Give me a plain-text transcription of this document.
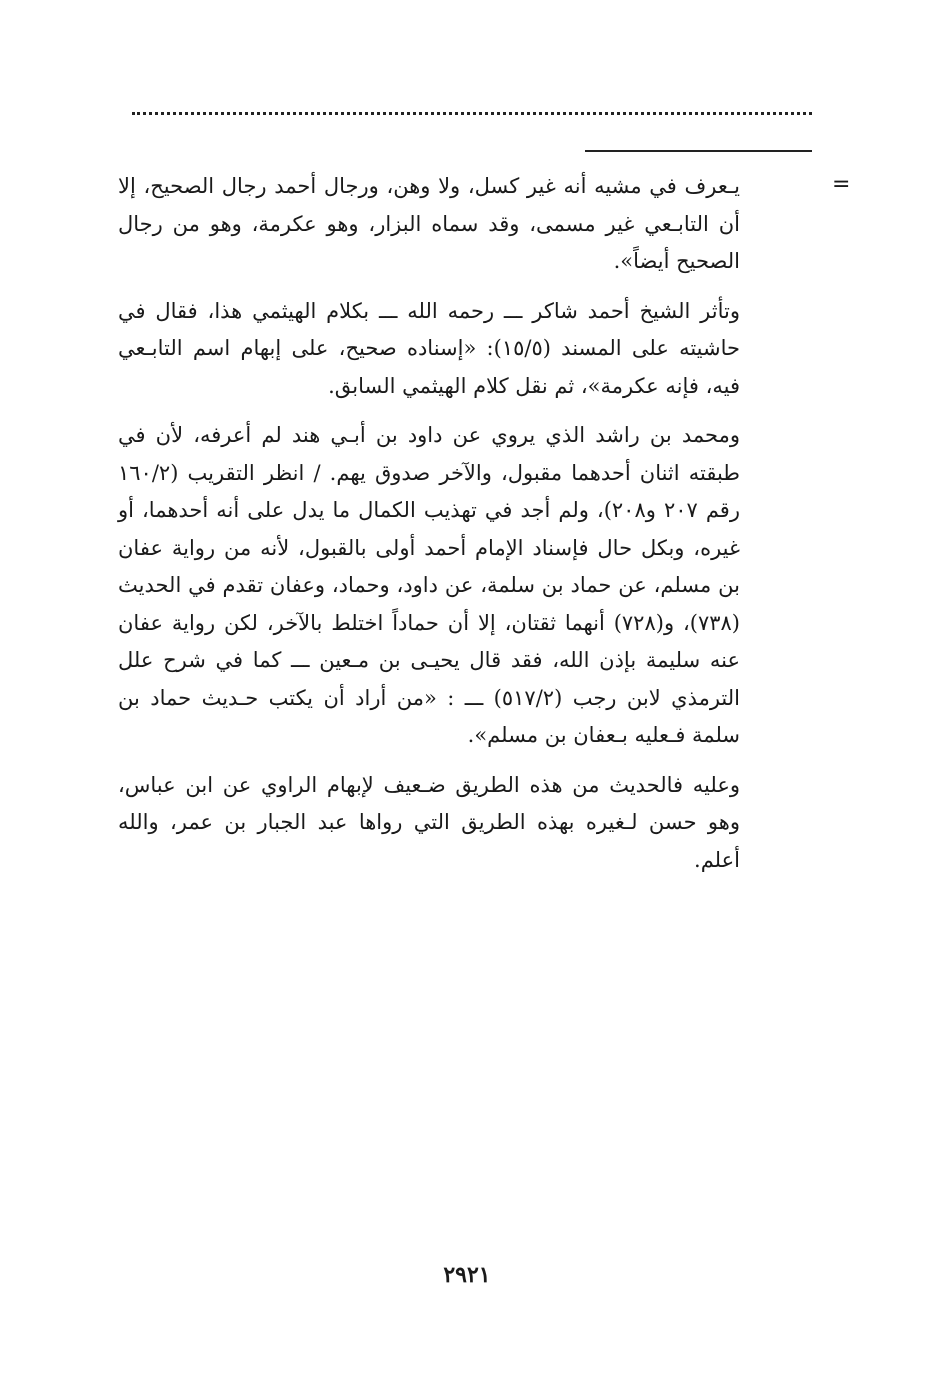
=

يـعرف في مشيه أنه غير كسل، ولا وهن، ورجال أحمد رجال الصحيح، إلا أن التابـعي غير مسمى، وقد سماه البزار، وهو عكرمة، وهو من رجال الصحيح أيضاً».

وتأثر الشيخ أحمد شاكر ـــ رحمه الله ـــ بكلام الهيثمي هذا، فقال في حاشيته على المسند (١٥/٥): «إسناده صحيح، على إبهام اسم التابـعي فيه، فإنه عكرمة»، ثم نقل كلام الهيثمي السابق.

ومحمد بن راشد الذي يروي عن داود بن أبـي هند لم أعرفه، لأن في طبقته اثنان أحدهما مقبول، والآخر صدوق يهم. / انظر التقريب (١٦٠/٢ رقم ٢٠٧ و٢٠٨)، ولم أجد في تهذيب الكمال ما يدل على أنه أحدهما، أو غيره، وبكل حال فإسناد الإمام أحمد أولى بالقبول، لأنه من رواية عفان بن مسلم، عن حماد بن سلمة، عن داود، وحماد، وعفان تقدم في الحديث (٧٣٨)، و(٧٢٨) أنهما ثقتان، إلا أن حماداً اختلط بالآخر، لكن رواية عفان عنه سليمة بإذن الله، فقد قال يحيـى بن مـعين ـــ كما في شرح علل الترمذي لابن رجب (٥١٧/٢) ـــ : «من أراد أن يكتب حـديث حماد بن سلمة فـعليه بـعفان بن مسلم».

وعليه فالحديث من هذه الطريق ضـعيف لإبهام الراوي عن ابن عباس، وهو حسن لـغيره بهذه الطريق التي رواها عبد الجبار بن عمر، والله أعلم.

٢٩٢١
